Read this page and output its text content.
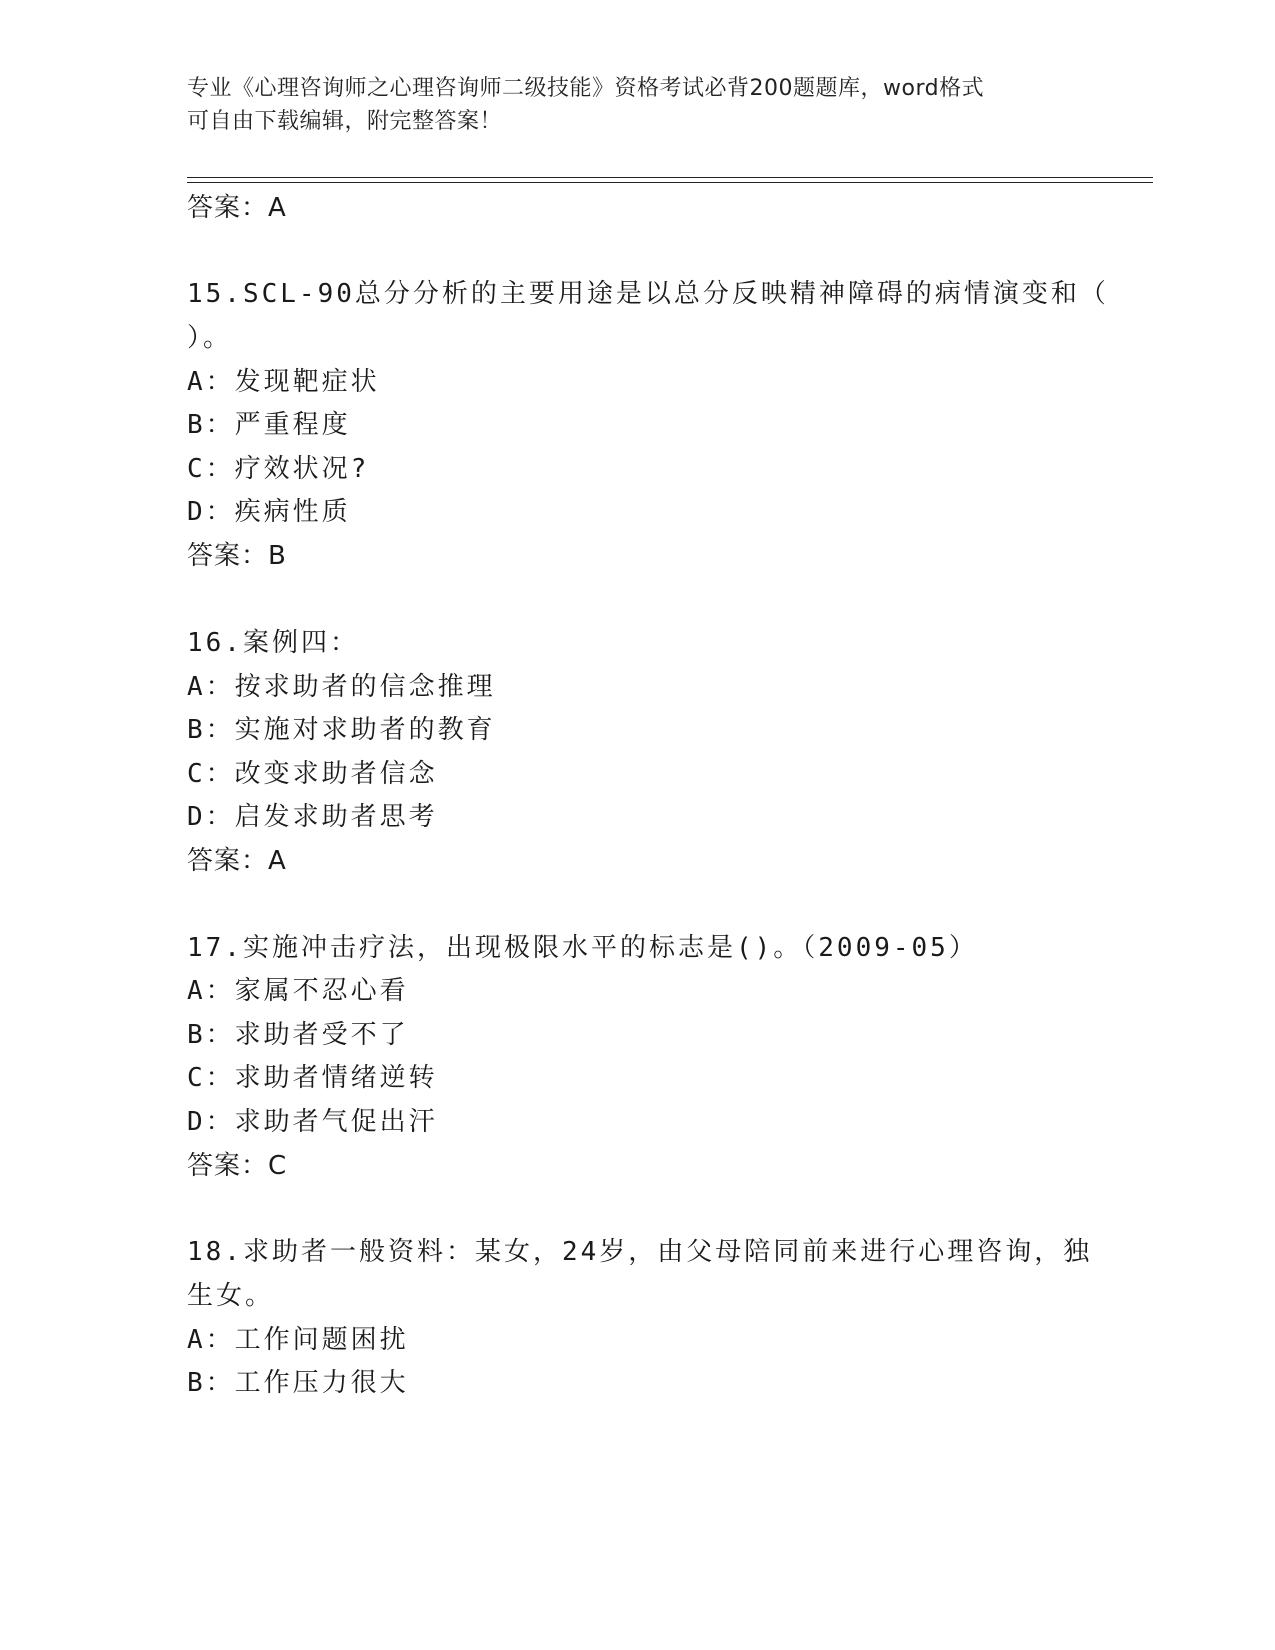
专业《心理咨询师之心理咨询师二级技能》资格考试必背200题题库，word格式
可自由下载编辑，附完整答案！
答案：A
15.SCL-90总分分析的主要用途是以总分反映精神障碍的病情演变和（
）。
A：发现靶症状
B：严重程度
C：疗效状况?
D：疾病性质
答案：B
16.案例四：
A：按求助者的信念推理
B：实施对求助者的教育
C：改变求助者信念
D：启发求助者思考
答案：A
17.实施冲击疗法，出现极限水平的标志是()。（2009-05）
A：家属不忍心看
B：求助者受不了
C：求助者情绪逆转
D：求助者气促出汗
答案：C
18.求助者一般资料：某女，24岁，由父母陪同前来进行心理咨询，独
生女。
A：工作问题困扰
B：工作压力很大
